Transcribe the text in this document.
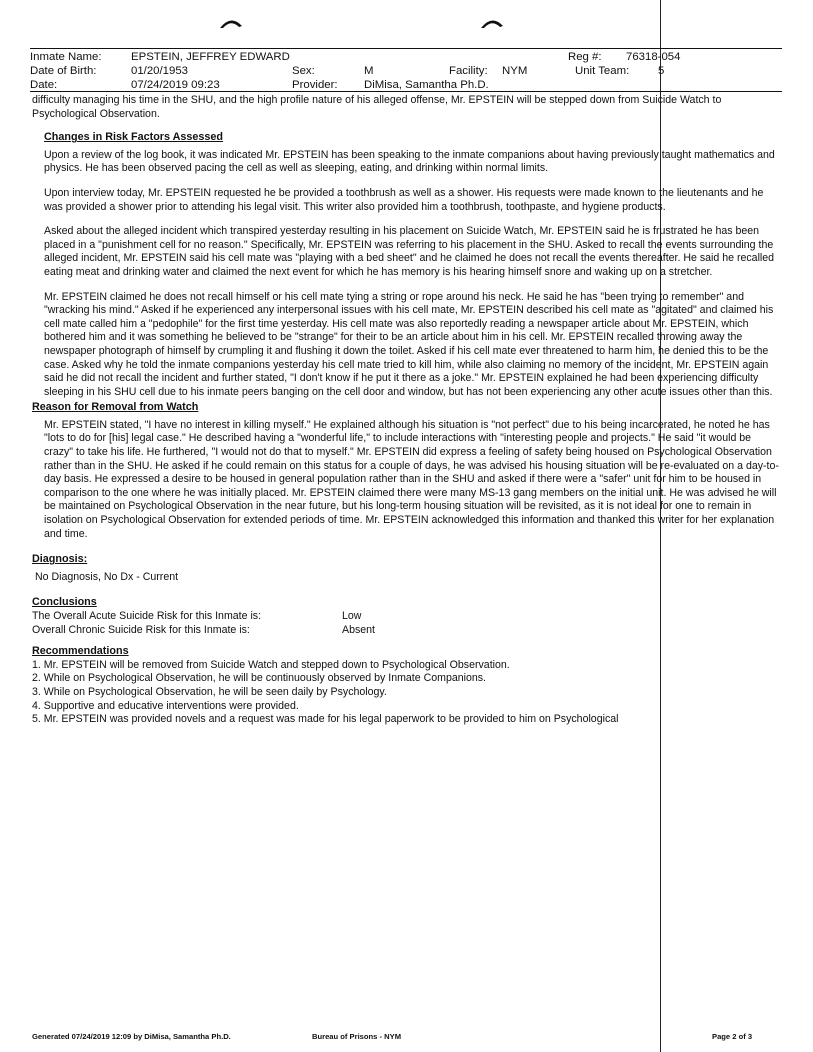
Inmate Name:	EPSTEIN, JEFFREY EDWARD	Reg #: 76318-054
Date of Birth:	01/20/1953	Sex:	M	Facility: NYM	Unit Team:	5
Date:	07/24/2019 09:23	Provider: DiMisa, Samantha Ph.D.

difficulty managing his time in the SHU, and the high profile nature of his alleged offense, Mr. EPSTEIN will be stepped down from Suicide Watch to Psychological Observation.

Changes in Risk Factors Assessed

Upon a review of the log book, it was indicated Mr. EPSTEIN has been speaking to the inmate companions about having previously taught mathematics and physics. He has been observed pacing the cell as well as sleeping, eating, and drinking within normal limits.

Upon interview today, Mr. EPSTEIN requested he be provided a toothbrush as well as a shower. His requests were made known to the lieutenants and he was provided a shower prior to attending his legal visit. This writer also provided him a toothbrush, toothpaste, and hygiene products.

Asked about the alleged incident which transpired yesterday resulting in his placement on Suicide Watch, Mr. EPSTEIN said he is frustrated he has been placed in a "punishment cell for no reason." Specifically, Mr. EPSTEIN was referring to his placement in the SHU. Asked to recall the events surrounding the alleged incident, Mr. EPSTEIN said his cell mate was "playing with a bed sheet" and he claimed he does not recall the events thereafter. He said he recalled eating meat and drinking water and claimed the next event for which he has memory is his hearing himself snore and waking up on a stretcher.

Mr. EPSTEIN claimed he does not recall himself or his cell mate tying a string or rope around his neck. He said he has "been trying to remember" and "wracking his mind." Asked if he experienced any interpersonal issues with his cell mate, Mr. EPSTEIN described his cell mate as "agitated" and claimed his cell mate called him a "pedophile" for the first time yesterday. His cell mate was also reportedly reading a newspaper article about Mr. EPSTEIN, which bothered him and it was something he believed to be "strange" for their to be an article about him in his cell. Mr. EPSTEIN recalled throwing away the newspaper photograph of himself by crumpling it and flushing it down the toilet. Asked if his cell mate ever threatened to harm him, he denied this to be the case. Asked why he told the inmate companions yesterday his cell mate tried to kill him, while also claiming no memory of the incident, Mr. EPSTEIN again said he did not recall the incident and further stated, "I don't know if he put it there as a joke." Mr. EPSTEIN explained he had been experiencing difficulty sleeping in his SHU cell due to his inmate peers banging on the cell door and window, but has not been experiencing any other acute issues other than this.

Reason for Removal from Watch

Mr. EPSTEIN stated, "I have no interest in killing myself." He explained although his situation is "not perfect" due to his being incarcerated, he noted he has "lots to do for [his] legal case." He described having a "wonderful life," to include interactions with "interesting people and projects." He said "it would be crazy" to take his life. He furthered, "I would not do that to myself." Mr. EPSTEIN did express a feeling of safety being housed on Psychological Observation rather than in the SHU. He asked if he could remain on this status for a couple of days, he was advised his housing situation will be re-evaluated on a day-to-day basis. He expressed a desire to be housed in general population rather than in the SHU and asked if there were a "safer" unit for him to be housed in comparison to the one where he was initially placed. Mr. EPSTEIN claimed there were many MS-13 gang members on the initial unit. He was advised he will be maintained on Psychological Observation in the near future, but his long-term housing situation will be revisited, as it is not ideal for one to remain in isolation on Psychological Observation for extended periods of time. Mr. EPSTEIN acknowledged this information and thanked this writer for her explanation and time.

Diagnosis:

No Diagnosis, No Dx - Current

Conclusions
The Overall Acute Suicide Risk for this Inmate is:	Low
Overall Chronic Suicide Risk for this Inmate is:	Absent
Recommendations
1. Mr. EPSTEIN will be removed from Suicide Watch and stepped down to Psychological Observation.
2. While on Psychological Observation, he will be continuously observed by Inmate Companions.
3. While on Psychological Observation, he will be seen daily by Psychology.
4. Supportive and educative interventions were provided.
5. Mr. EPSTEIN was provided novels and a request was made for his legal paperwork to be provided to him on Psychological
Generated 07/24/2019 12:09 by DiMisa, Samantha Ph.D.	Bureau of Prisons - NYM	Page 2 of 3
